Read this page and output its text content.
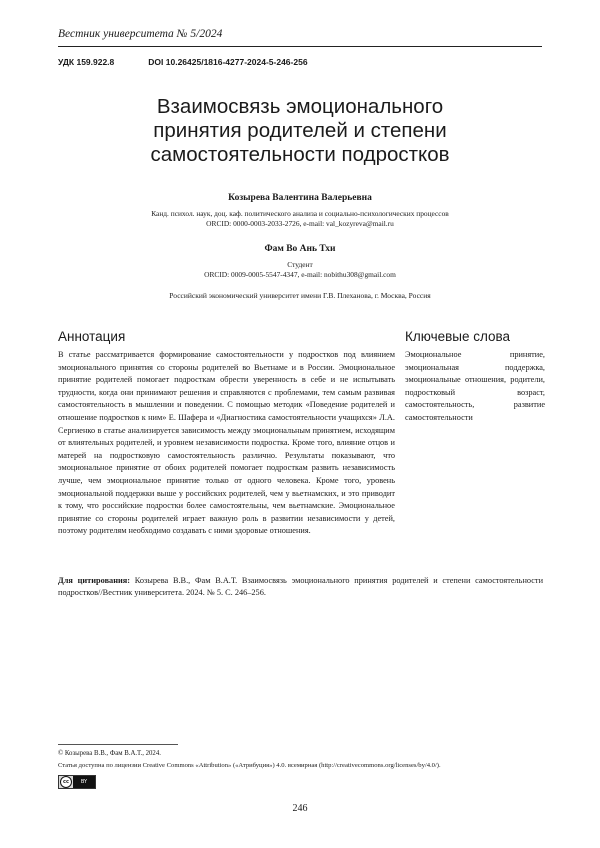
Вестник университета № 5/2024
УДК 159.922.8	DOI 10.26425/1816-4277-2024-5-246-256
Взаимосвязь эмоционального
принятия родителей и степени
самостоятельности подростков
Козырева Валентина Валерьевна
Канд. психол. наук, доц. каф. политического анализа и социально-психологических процессов
ORCID: 0000-0003-2033-2726, e-mail: val_kozyreva@mail.ru
Фам Во Ань Тхи
Студент
ORCID: 0009-0005-5547-4347, e-mail: nobithu308@gmail.com
Российский экономический университет имени Г.В. Плеханова, г. Москва, Россия
Аннотация	Ключевые слова
В статье рассматривается формирование самостоятельности у подростков под влиянием эмоционального принятия со стороны родителей во Вьетнаме и в России. Эмоциональное принятие родителей помогает подросткам обрести уверенность в себе и не испытывать трудности, когда они принимают решения и справляются с проблемами, тем самым развивая самостоятельность в мышлении и поведении. С помощью методик «Поведение родителей и отношение подростков к ним» Е. Шафера и «Диагностика самостоятельности учащихся» Л.А. Сергиенко в статье анализируется зависимость между эмоциональным принятием, исходящим от влиятельных родителей, и уровнем независимости подростка. Кроме того, влияние отцов и матерей на подростковую самостоятельность различно. Результаты показывают, что эмоциональное принятие от обоих родителей помогает подросткам развить независимость лучше, чем эмоциональное принятие только от одного человека. Кроме того, уровень эмоциональной поддержки выше у российских родителей, чем у вьетнамских, и это приводит к тому, что российские подростки более самостоятельны, чем вьетнамские. Эмоциональное принятие со стороны родителей играет важную роль в развитии независимости у детей, поэтому родителям необходимо создавать с ними здоровые отношения.
Эмоциональное принятие, эмоциональная поддержка, эмоциональные отношения, родители, подростковый возраст, самостоятельность, развитие самостоятельности
Для цитирования: Козырева В.В., Фам В.А.Т. Взаимосвязь эмоционального принятия родителей и степени самостоятельности подростков//Вестник университета. 2024. № 5. С. 246–256.
© Козырева В.В., Фам В.А.Т., 2024.
Статья доступна по лицензии Creative Commons «Attribution» («Атрибуция») 4.0. всемирная (http://creativecommons.org/licenses/by/4.0/).
cc	BY
246
